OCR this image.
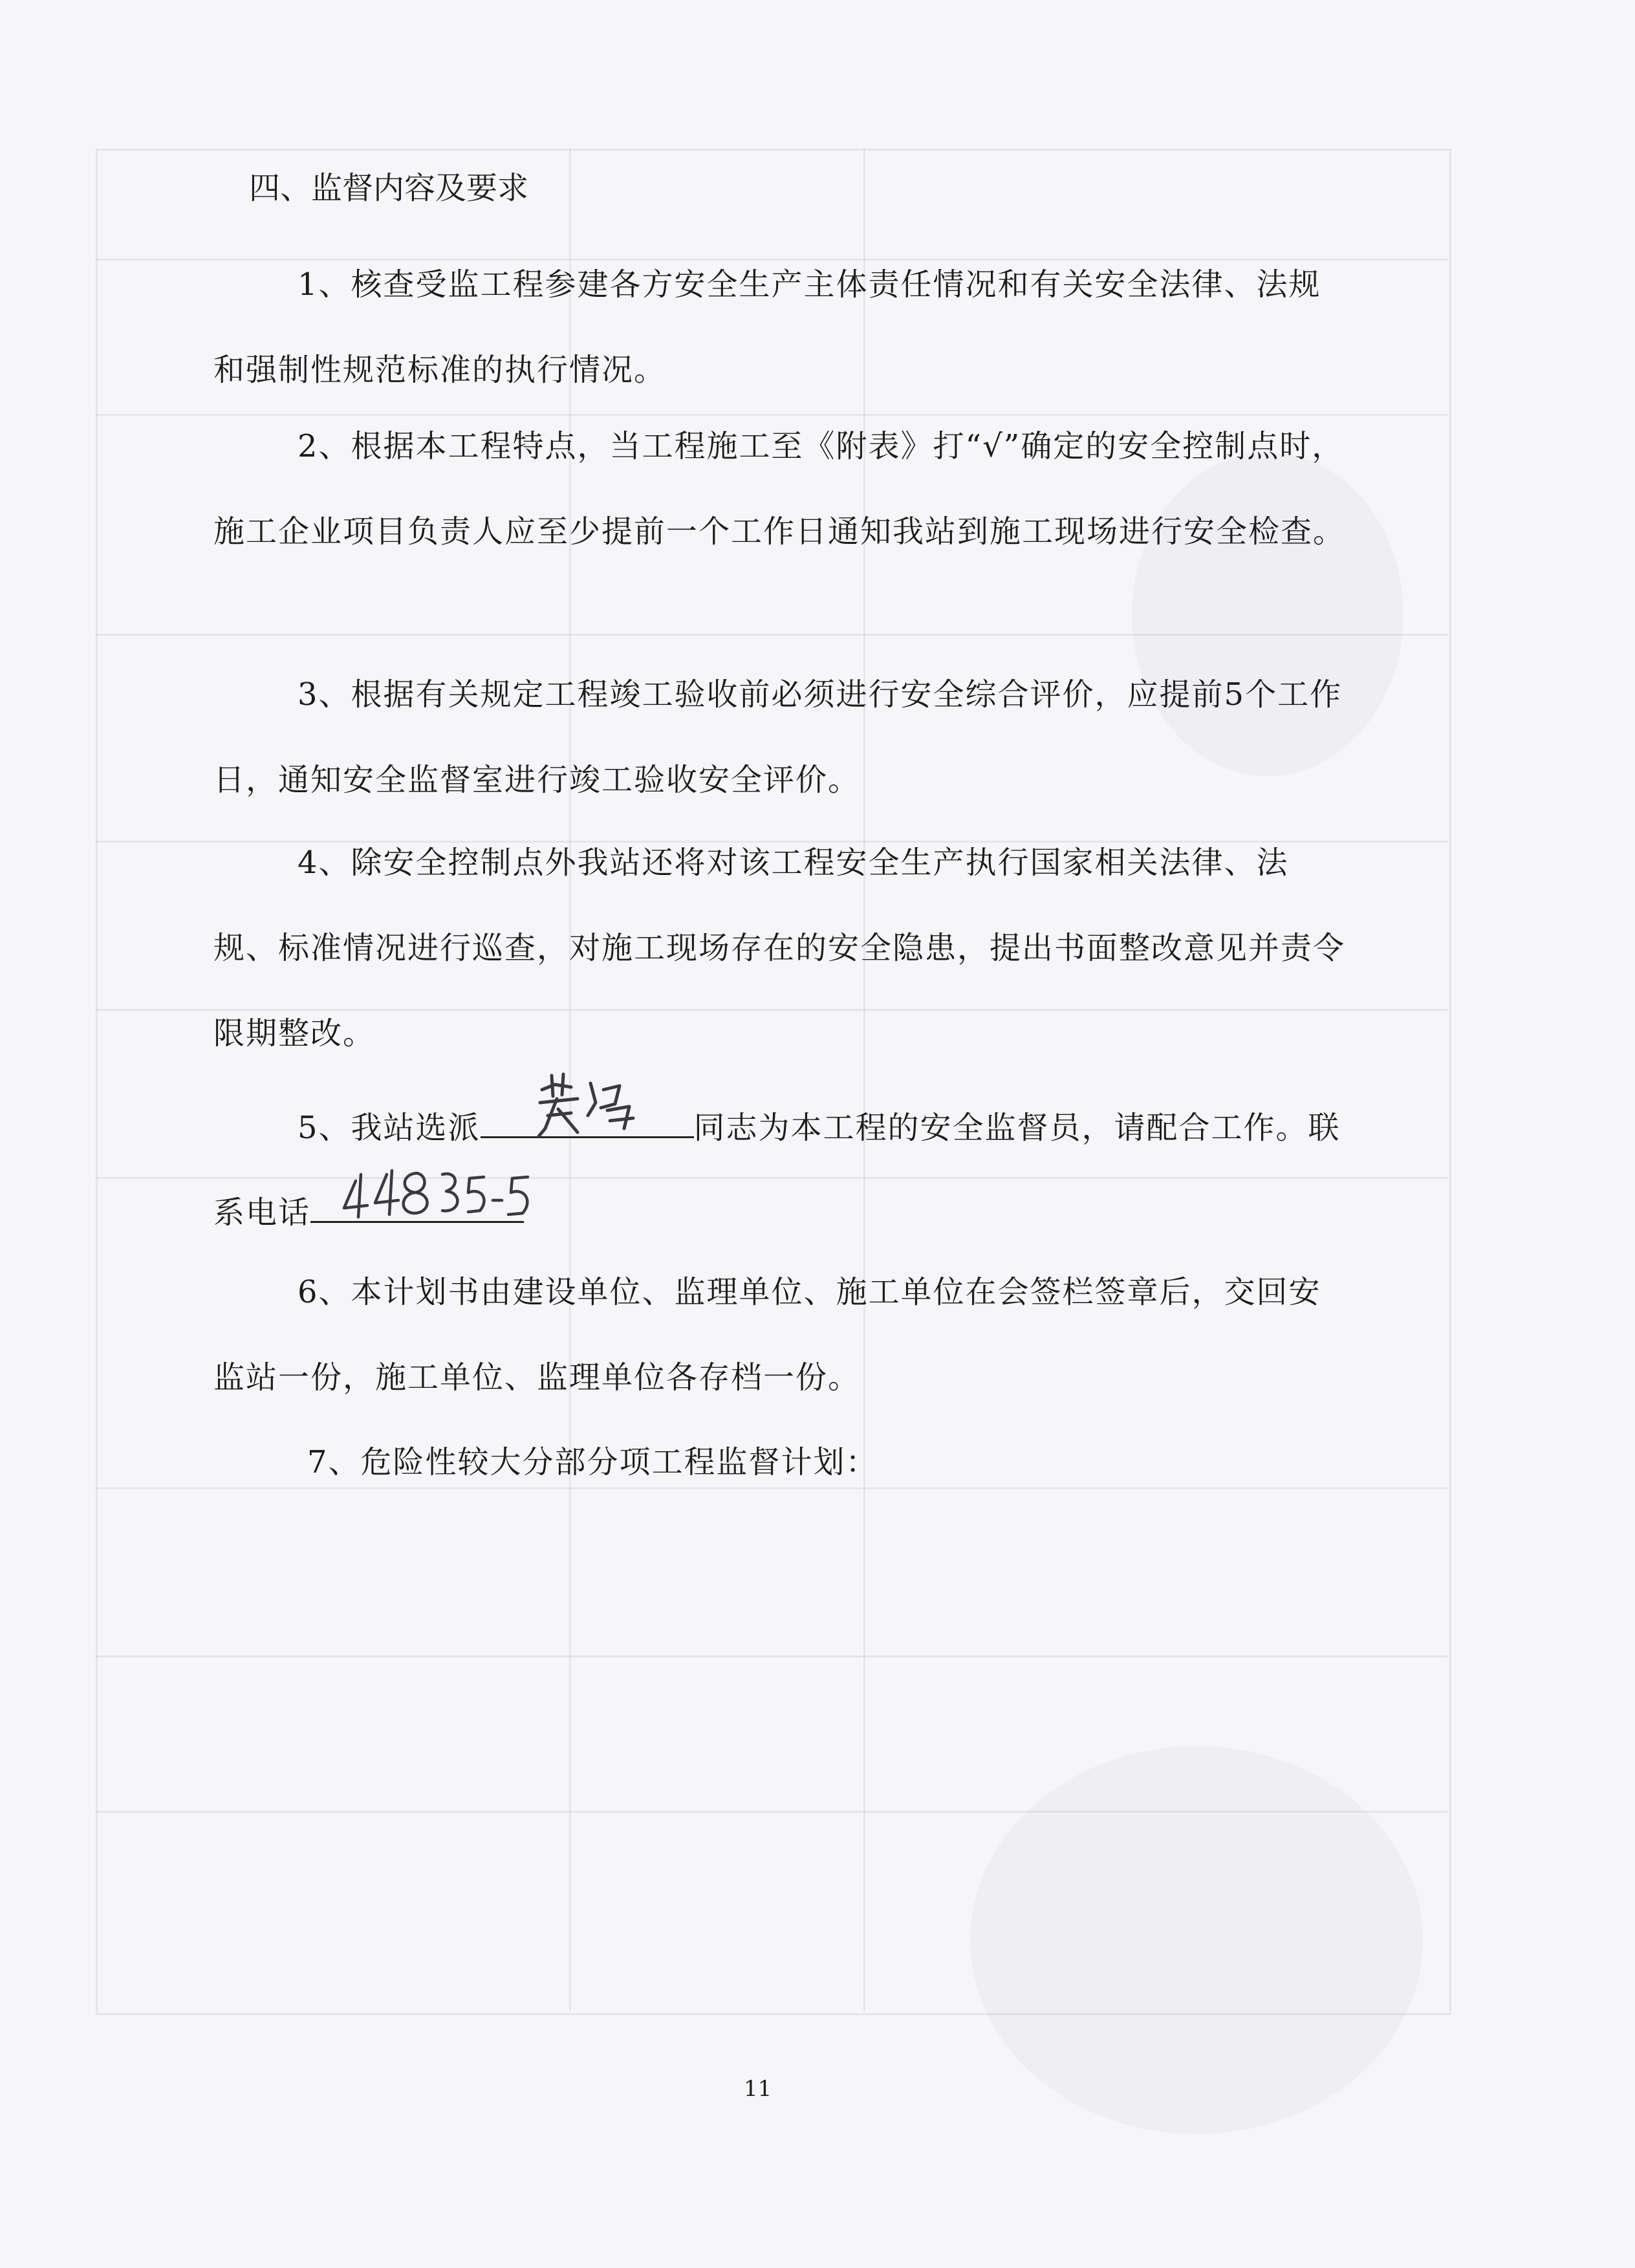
四、监督内容及要求

1、核查受监工程参建各方安全生产主体责任情况和有关安全法律、法规和强制性规范标准的执行情况。

2、根据本工程特点，当工程施工至《附表》打“√”确定的安全控制点时，施工企业项目负责人应至少提前一个工作日通知我站到施工现场进行安全检查。

3、根据有关规定工程竣工验收前必须进行安全综合评价，应提前5个工作日，通知安全监督室进行竣工验收安全评价。

4、除安全控制点外我站还将对该工程安全生产执行国家相关法律、法规、标准情况进行巡查，对施工现场存在的安全隐患，提出书面整改意见并责令限期整改。

5、我站选派	同志为本工程的安全监督员，请配合工作。联
系电话

6、本计划书由建设单位、监理单位、施工单位在会签栏签章后，交回安监站一份，施工单位、监理单位各存档一份。

7、危险性较大分部分项工程监督计划：
11
